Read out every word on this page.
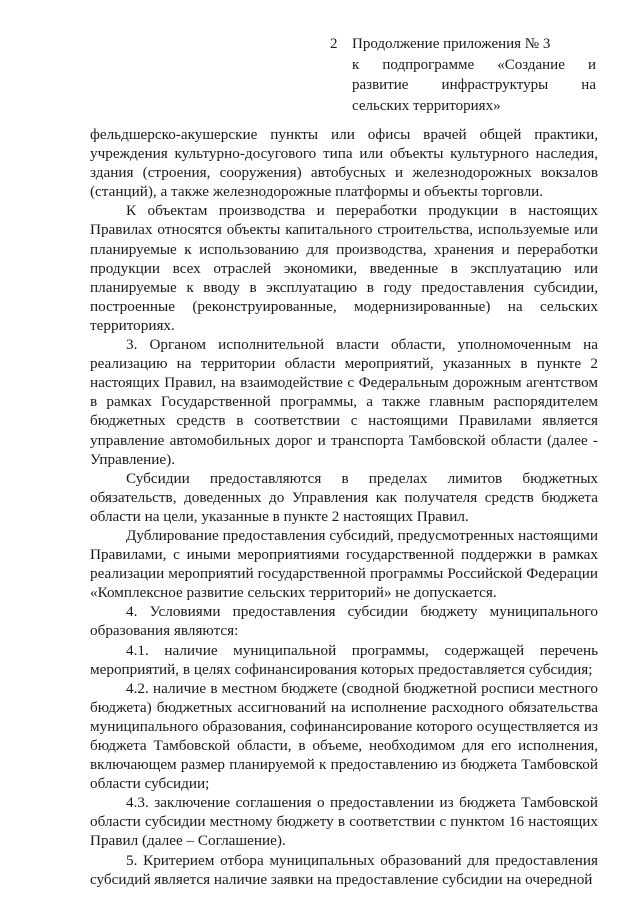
2 Продолжение приложения № 3
к подпрограмме «Создание и
развитие инфраструктуры на
сельских территориях»

фельдшерско-акушерские пункты или офисы врачей общей практики, учреждения культурно-досугового типа или объекты культурного наследия, здания (строения, сооружения) автобусных и железнодорожных вокзалов (станций), а также железнодорожные платформы и объекты торговли.

К объектам производства и переработки продукции в настоящих Правилах относятся объекты капитального строительства, используемые или планируемые к использованию для производства, хранения и переработки продукции всех отраслей экономики, введенные в эксплуатацию или планируемые к вводу в эксплуатацию в году предоставления субсидии, построенные (реконструированные, модернизированные) на сельских территориях.

3. Органом исполнительной власти области, уполномоченным на реализацию на территории области мероприятий, указанных в пункте 2 настоящих Правил, на взаимодействие с Федеральным дорожным агентством в рамках Государственной программы, а также главным распорядителем бюджетных средств в соответствии с настоящими Правилами является управление автомобильных дорог и транспорта Тамбовской области (далее - Управление).

Субсидии предоставляются в пределах лимитов бюджетных обязательств, доведенных до Управления как получателя средств бюджета области на цели, указанные в пункте 2 настоящих Правил.

Дублирование предоставления субсидий, предусмотренных настоящими Правилами, с иными мероприятиями государственной поддержки в рамках реализации мероприятий государственной программы Российской Федерации «Комплексное развитие сельских территорий» не допускается.

4. Условиями предоставления субсидии бюджету муниципального образования являются:

4.1. наличие муниципальной программы, содержащей перечень мероприятий, в целях софинансирования которых предоставляется субсидия;

4.2. наличие в местном бюджете (сводной бюджетной росписи местного бюджета) бюджетных ассигнований на исполнение расходного обязательства муниципального образования, софинансирование которого осуществляется из бюджета Тамбовской области, в объеме, необходимом для его исполнения, включающем размер планируемой к предоставлению из бюджета Тамбовской области субсидии;

4.3. заключение соглашения о предоставлении из бюджета Тамбовской области субсидии местному бюджету в соответствии с пунктом 16 настоящих Правил (далее – Соглашение).

5. Критерием отбора муниципальных образований для предоставления субсидий является наличие заявки на предоставление субсидии на очередной
